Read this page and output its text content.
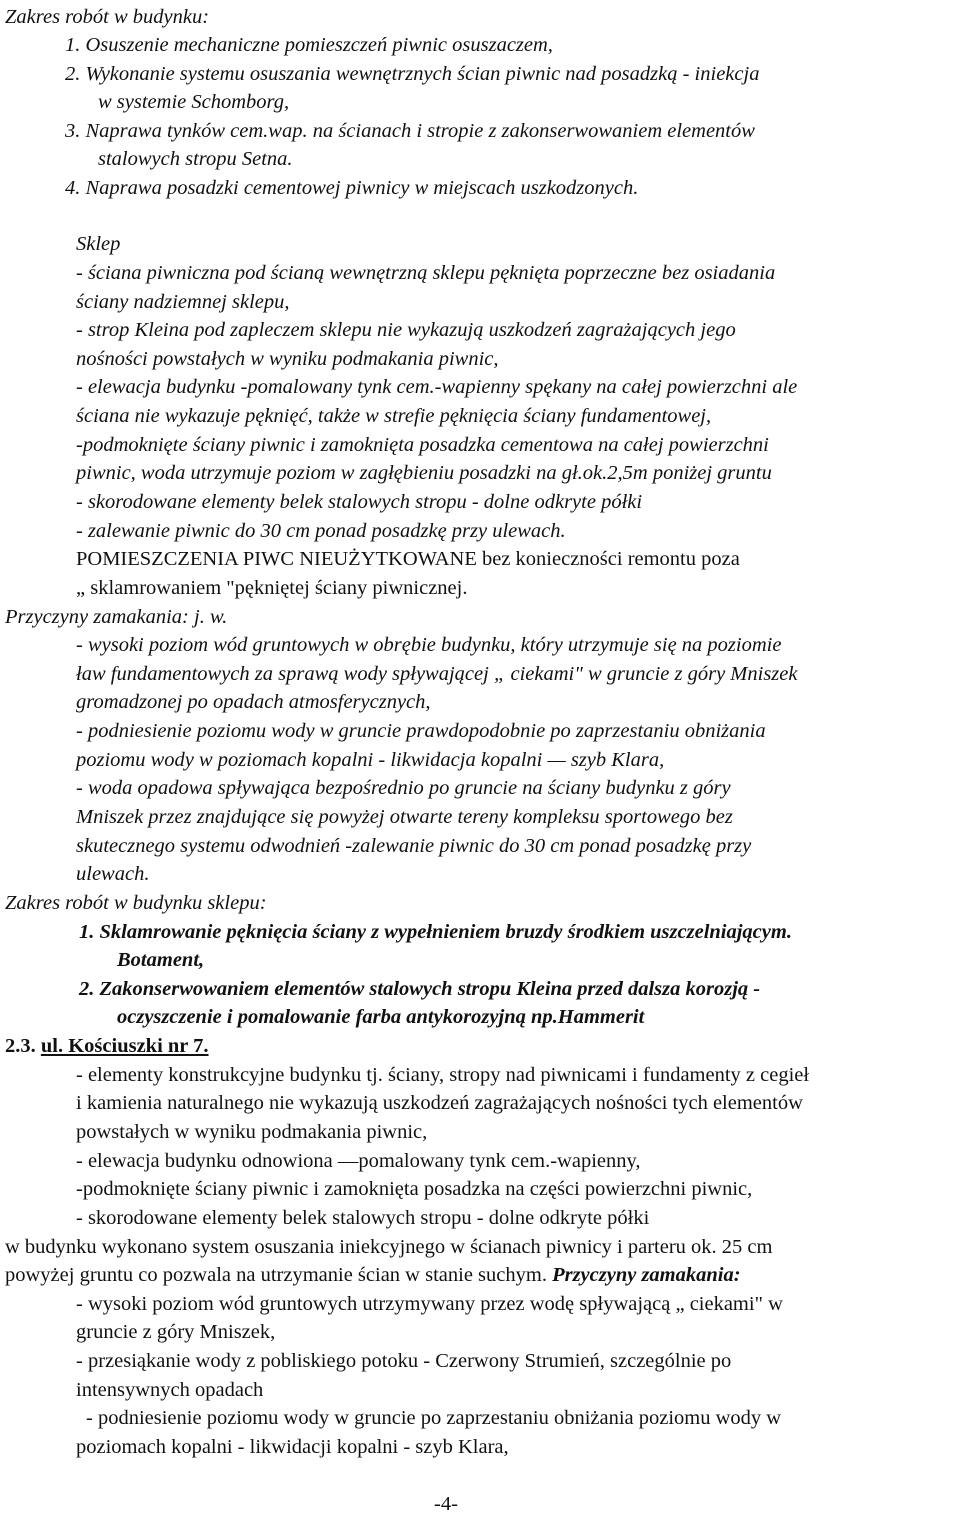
Zakres robót w budynku:
1. Osuszenie mechaniczne pomieszczeń piwnic osuszaczem,
2. Wykonanie systemu osuszania wewnętrznych ścian piwnic nad posadzką - iniekcja
w systemie Schomborg,
3. Naprawa tynków cem.wap. na ścianach i stropie z zakonserwowaniem elementów
stalowych stropu Setna.
4. Naprawa posadzki cementowej piwnicy w miejscach uszkodzonych.
Sklep
- ściana piwniczna pod ścianą wewnętrzną sklepu pęknięta poprzeczne bez osiadania
ściany nadziemnej sklepu,
- strop Kleina pod zapleczem sklepu nie wykazują uszkodzeń zagrażających jego
nośności powstałych w wyniku podmakania piwnic,
- elewacja budynku -pomalowany tynk cem.-wapienny spękany na całej powierzchni ale
ściana nie wykazuje pęknięć, także w strefie pęknięcia ściany fundamentowej,
-podmoknięte ściany piwnic i zamoknięta posadzka cementowa na całej powierzchni
piwnic, woda utrzymuje poziom w zagłębieniu posadzki na gł.ok.2,5m poniżej gruntu
- skorodowane elementy belek stalowych stropu - dolne odkryte półki
- zalewanie piwnic do 30 cm ponad posadzkę przy ulewach.
POMIESZCZENIA PIWC NIEUŻYTKOWANE bez konieczności remontu poza
„ sklamrowaniem "pękniętej ściany piwnicznej.
Przyczyny zamakania: j. w.
- wysoki poziom wód gruntowych w obrębie budynku, który utrzymuje się na poziomie
ław fundamentowych za sprawą wody spływającej „ ciekami" w gruncie z góry Mniszek
gromadzonej po opadach atmosferycznych,
- podniesienie poziomu wody w gruncie prawdopodobnie po zaprzestaniu obniżania
poziomu wody w poziomach kopalni - likwidacja kopalni — szyb Klara,
- woda opadowa spływająca bezpośrednio po gruncie na ściany budynku z góry
Mniszek przez znajdujące się powyżej otwarte tereny kompleksu sportowego bez
skutecznego systemu odwodnień -zalewanie piwnic do 30 cm ponad posadzkę przy
ulewach.
Zakres robót w budynku sklepu:
1. Sklamrowanie pęknięcia ściany z wypełnieniem bruzdy środkiem uszczelniającym.
Botament,
2. Zakonserwowaniem elementów stalowych stropu Kleina przed dalsza korozją -
oczyszczenie i pomalowanie farba antykorozyjną np.Hammerit
2.3. ul. Kościuszki nr 7.
- elementy konstrukcyjne budynku tj. ściany, stropy nad piwnicami i fundamenty z cegieł
i kamienia naturalnego nie wykazują uszkodzeń zagrażających nośności tych elementów
powstałych w wyniku podmakania piwnic,
- elewacja budynku odnowiona —pomalowany tynk cem.-wapienny,
-podmoknięte ściany piwnic i zamoknięta posadzka na części powierzchni piwnic,
- skorodowane elementy belek stalowych stropu - dolne odkryte półki
w budynku wykonano system osuszania iniekcyjnego w ścianach piwnicy i parteru ok. 25 cm
powyżej gruntu co pozwala na utrzymanie ścian w stanie suchym. Przyczyny zamakania:
- wysoki poziom wód gruntowych utrzymywany przez wodę spływającą „ ciekami" w
gruncie z góry Mniszek,
- przesiąkanie wody z pobliskiego potoku - Czerwony Strumień, szczególnie po
intensywnych opadach
- podniesienie poziomu wody w gruncie po zaprzestaniu obniżania poziomu wody w
poziomach kopalni - likwidacji kopalni - szyb Klara,
-4-
